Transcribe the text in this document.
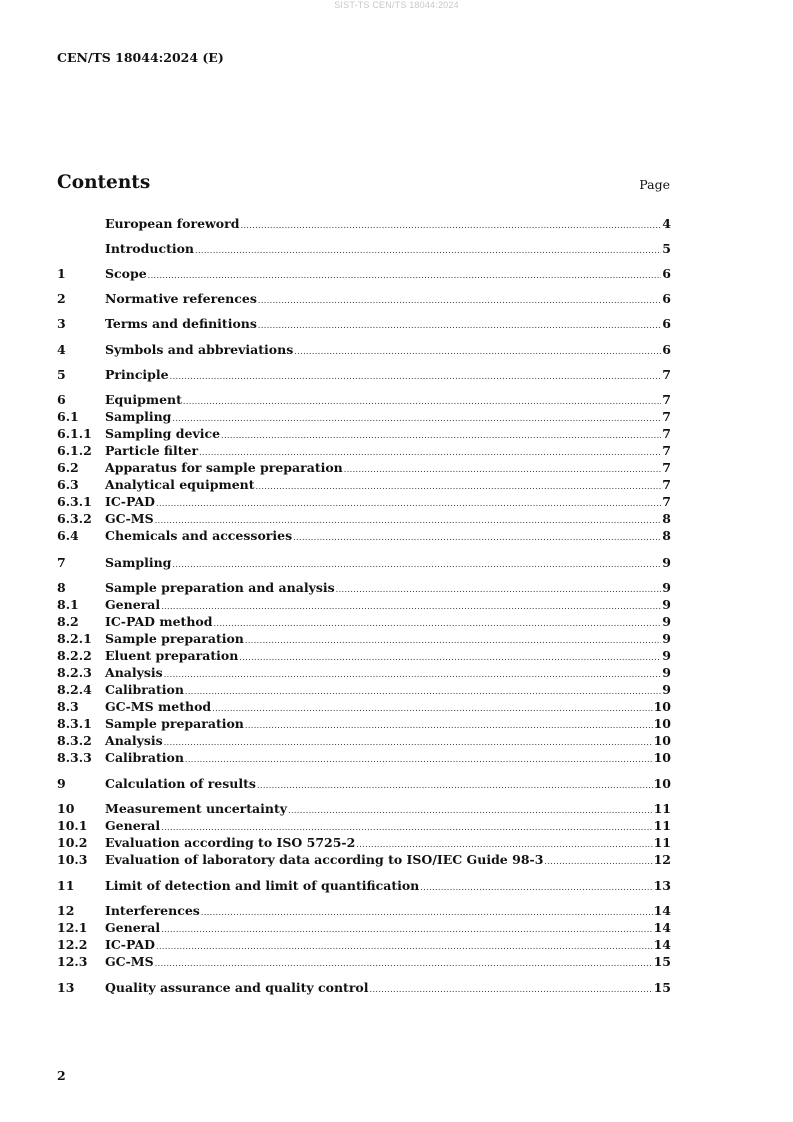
SIST-TS CEN/TS 18044:2024
CEN/TS 18044:2024 (E)
Contents	Page
European foreword .....	4
Introduction .....	5
1	Scope .....	6
2	Normative references .....	6
3	Terms and definitions .....	6
4	Symbols and abbreviations .....	6
5	Principle .....	7
6	Equipment .....	7
6.1	Sampling .....	7
6.1.1	Sampling device .....	7
6.1.2	Particle filter .....	7
6.2	Apparatus for sample preparation .....	7
6.3	Analytical equipment .....	7
6.3.1	IC-PAD .....	7
6.3.2	GC-MS .....	8
6.4	Chemicals and accessories .....	8
7	Sampling .....	9
8	Sample preparation and analysis .....	9
8.1	General .....	9
8.2	IC-PAD method .....	9
8.2.1	Sample preparation .....	9
8.2.2	Eluent preparation .....	9
8.2.3	Analysis .....	9
8.2.4	Calibration .....	9
8.3	GC-MS method .....	10
8.3.1	Sample preparation .....	10
8.3.2	Analysis .....	10
8.3.3	Calibration .....	10
9	Calculation of results .....	10
10	Measurement uncertainty .....	11
10.1	General .....	11
10.2	Evaluation according to ISO 5725-2 .....	11
10.3	Evaluation of laboratory data according to ISO/IEC Guide 98-3 .....	12
11	Limit of detection and limit of quantification .....	13
12	Interferences .....	14
12.1	General .....	14
12.2	IC-PAD .....	14
12.3	GC-MS .....	15
13	Quality assurance and quality control .....	15
2
